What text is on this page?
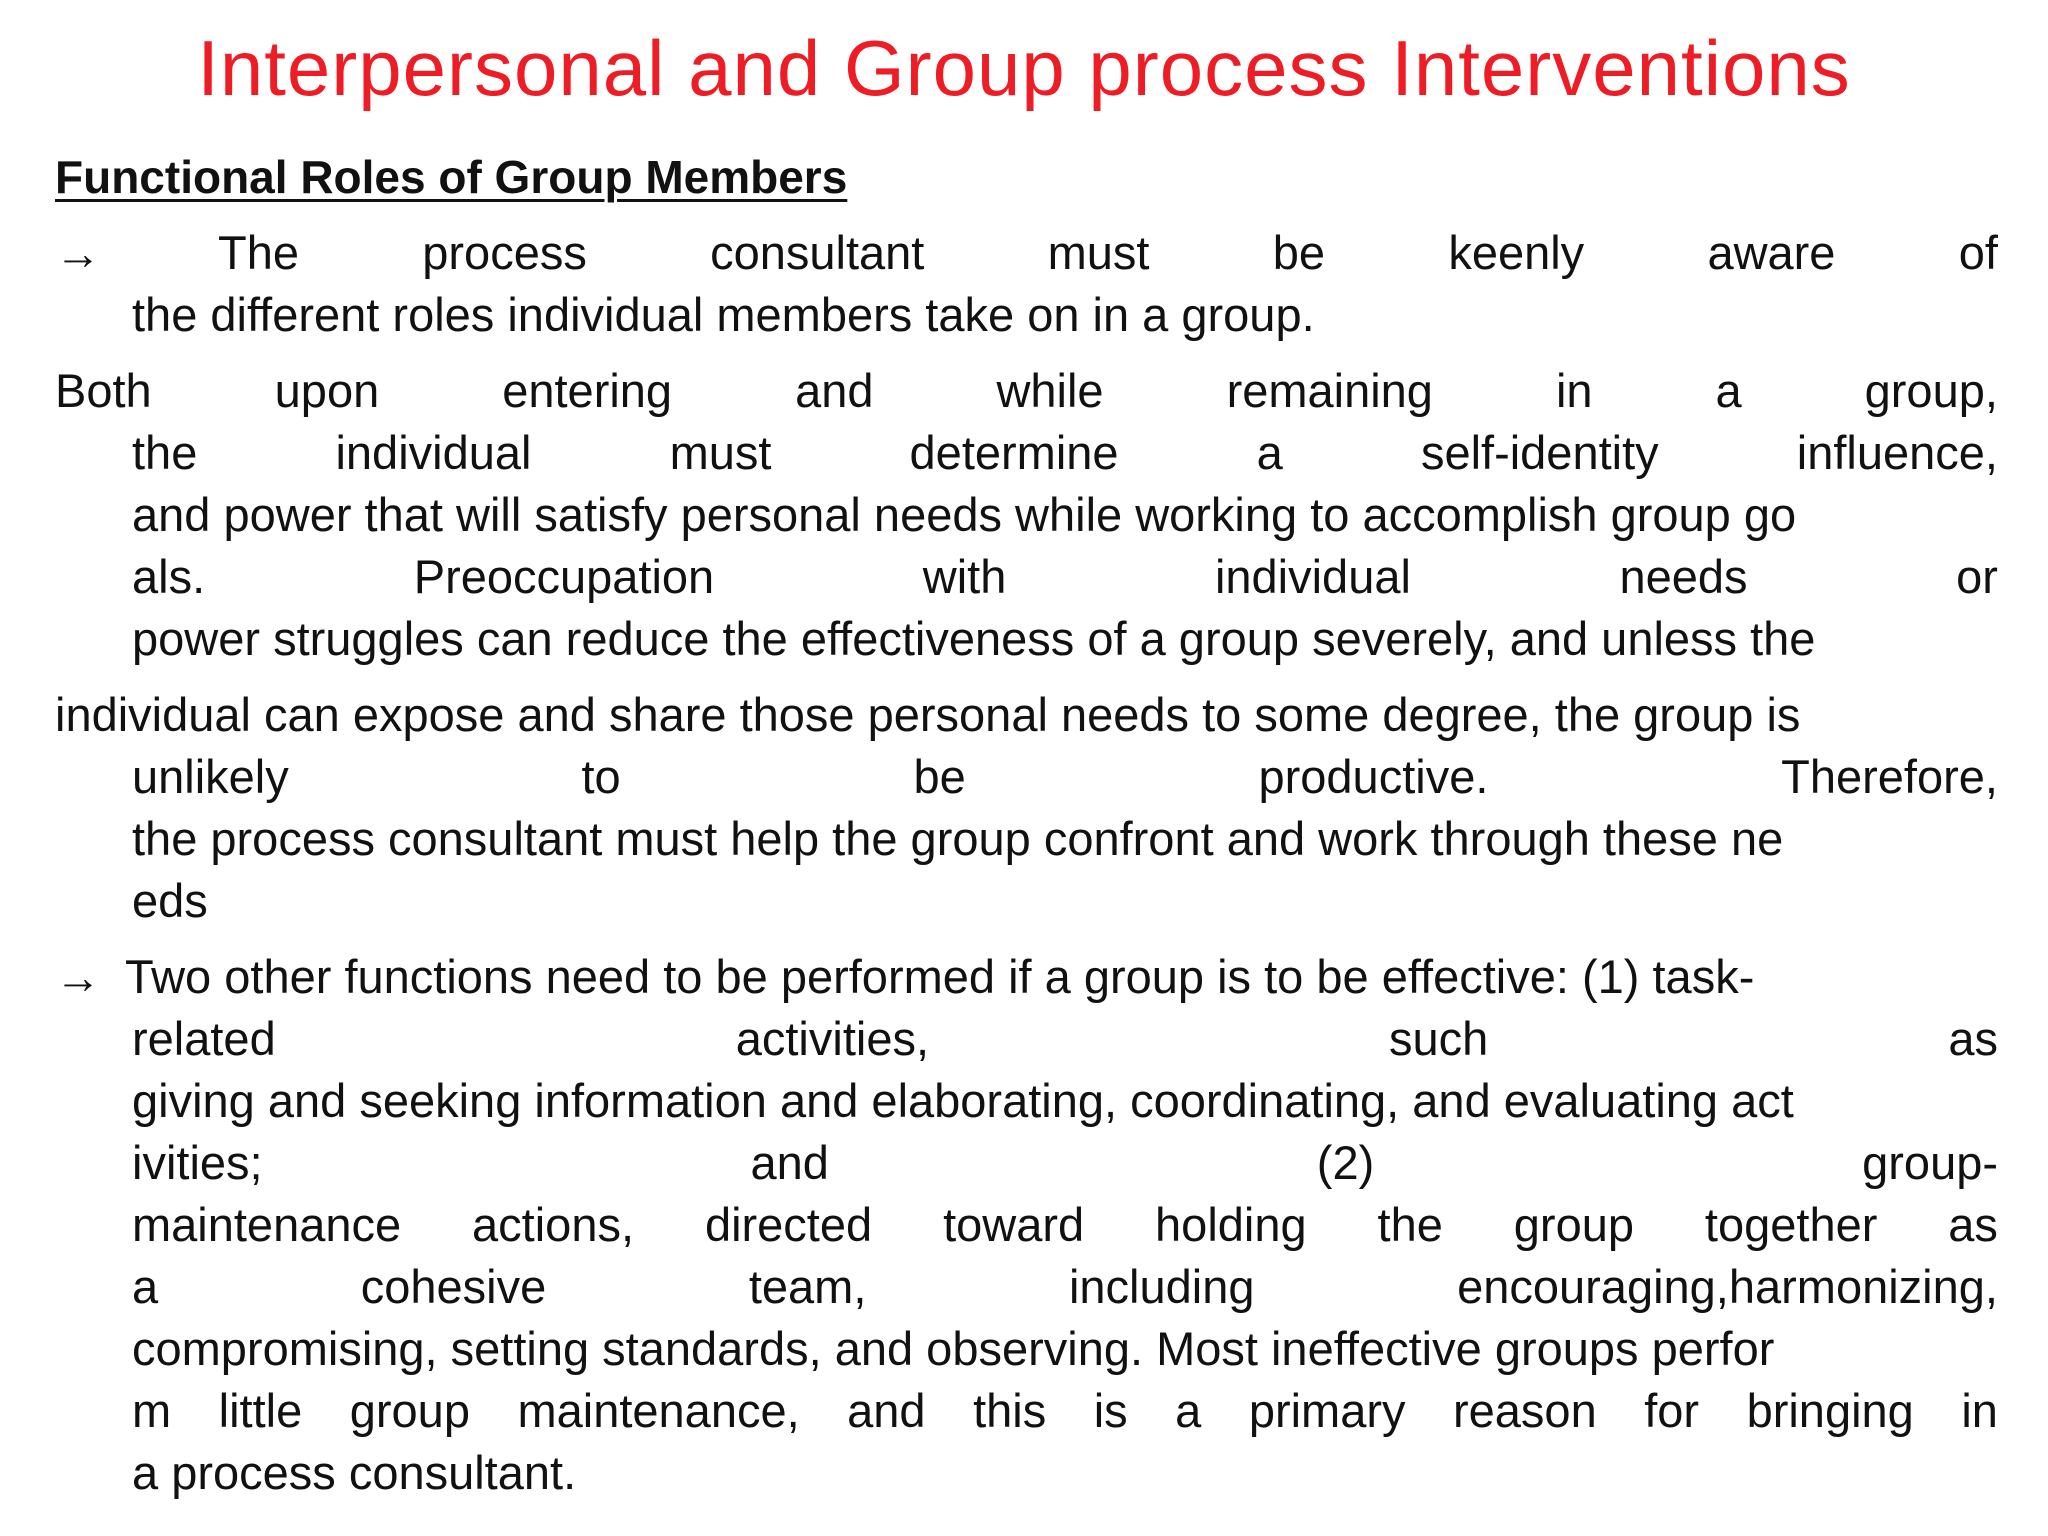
Interpersonal and Group process Interventions
Functional Roles of Group Members
→ The	process	consultant	must	be	keenly	aware	of
the different roles individual members take on in a group.
Both	upon	entering	and	while	remaining	in	a	group,
the	individual	must	determine	a	self-identity	influence,
and power that will satisfy personal needs while working to accomplish group go
als.	Preoccupation	with	individual	needs	or
power struggles can reduce the effectiveness of a group severely, and unless the
individual can expose and share those personal needs to some degree, the group is
unlikely	to	be	productive.	Therefore,
the process consultant must help the group confront and work through these ne
eds
→ Two other functions need to be performed if a group is to be effective: (1) task-
related	activities,	such	as
giving and seeking information and elaborating, coordinating, and evaluating act
ivities;	and	(2)	group-
maintenance actions, directed toward holding the group together as
a	cohesive	team,	including	encouraging,harmonizing,
compromising, setting standards, and observing. Most ineffective groups perfor
m little group maintenance, and this is a primary reason for bringing in
a process consultant.
